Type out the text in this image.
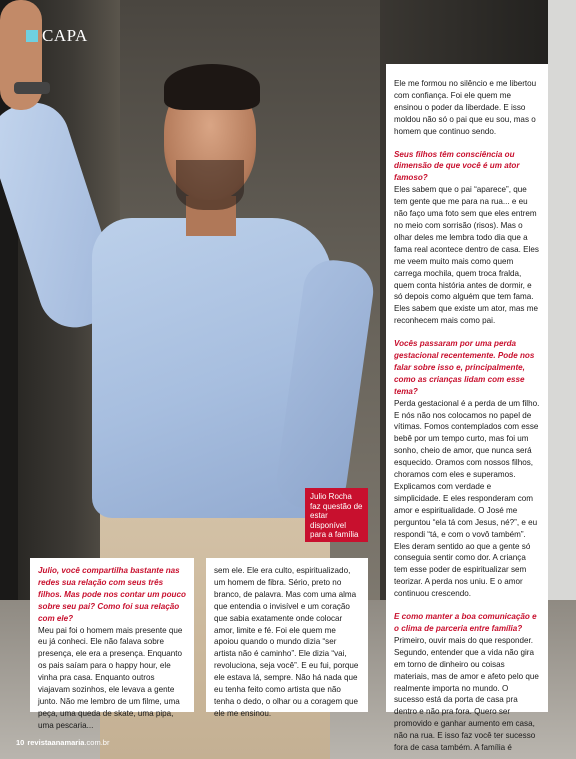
CAPA

Ele me formou no silêncio e me libertou com confiança. Foi ele quem me ensinou o poder da liberdade. E isso moldou não só o pai que eu sou, mas o homem que continuo sendo.

Seus filhos têm consciência ou dimensão de que você é um ator famoso?

Eles sabem que o pai “aparece”, que tem gente que me para na rua... e eu não faço uma foto sem que eles entrem no meio com sorrisão (risos). Mas o olhar deles me lembra todo dia que a fama real acontece dentro de casa. Eles me veem muito mais como quem carrega mochila, quem troca fralda, quem conta história antes de dormir, e só depois como alguém que tem fama. Eles sabem que existe um ator, mas me reconhecem mais como pai.

Vocês passaram por uma perda gestacional recentemente. Pode nos falar sobre isso e, principalmente, como as crianças lidam com esse tema?

Perda gestacional é a perda de um filho. E nós não nos colocamos no papel de vítimas. Fomos contemplados com esse bebê por um tempo curto, mas foi um sonho, cheio de amor, que nunca será esquecido. Oramos com nossos filhos, choramos com eles e superamos. Explicamos com verdade e simplicidade. E eles responderam com amor e espiritualidade. O José me perguntou “ela tá com Jesus, né?”, e eu respondi “tá, e com o vovô também”. Eles deram sentido ao que a gente só conseguia sentir como dor. A criança tem esse poder de espiritualizar sem teorizar. A perda nos uniu. E o amor continuou crescendo.

E como manter a boa comunicação e o clima de parceria entre família?

Primeiro, ouvir mais do que responder. Segundo, entender que a vida não gira em torno de dinheiro ou coisas materiais, mas de amor e afeto pelo que realmente importa no mundo. O sucesso está da porta de casa pra dentro e não pra fora. Quero ser promovido e ganhar aumento em casa, não na rua. E isso faz você ter sucesso fora de casa também. A família é

Julio Rocha faz questão de estar disponível para a família

Julio, você compartilha bastante nas redes sua relação com seus três filhos. Mas pode nos contar um pouco sobre seu pai? Como foi sua relação com ele?

Meu pai foi o homem mais presente que eu já conheci. Ele não falava sobre presença, ele era a presença. Enquanto os pais saíam para o happy hour, ele vinha pra casa. Enquanto outros viajavam sozinhos, ele levava a gente junto. Não me lembro de um filme, uma peça, uma queda de skate, uma pipa, uma pescaria...

sem ele. Ele era culto, espiritualizado, um homem de fibra. Sério, preto no branco, de palavra. Mas com uma alma que entendia o invisível e um coração que sabia exatamente onde colocar amor, limite e fé. Foi ele quem me apoiou quando o mundo dizia “ser artista não é caminho”. Ele dizia “vai, revoluciona, seja você”. E eu fui, porque ele estava lá, sempre. Não há nada que eu tenha feito como artista que não tenha o dedo, o olhar ou a coragem que ele me ensinou.

10 revistaanamaria.com.br
